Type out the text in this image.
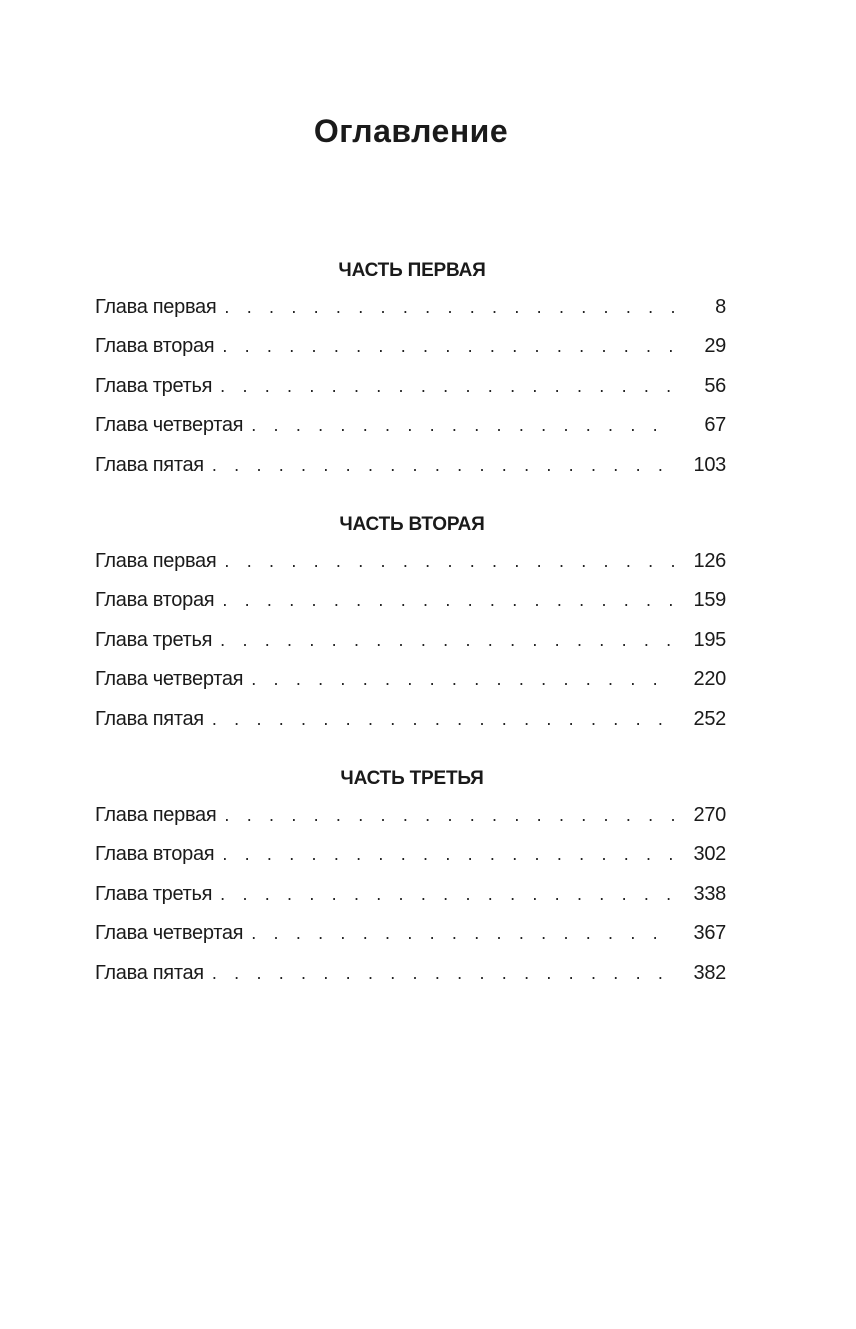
Оглавление
ЧАСТЬ ПЕРВАЯ
Глава первая . . .	8
Глава вторая . . .	29
Глава третья . . .	56
Глава четвертая . . .	67
Глава пятая . . .	103
ЧАСТЬ ВТОРАЯ
Глава первая . . .	126
Глава вторая . . .	159
Глава третья . . .	195
Глава четвертая . . .	220
Глава пятая . . .	252
ЧАСТЬ ТРЕТЬЯ
Глава первая . . .	270
Глава вторая . . .	302
Глава третья . . .	338
Глава четвертая . . .	367
Глава пятая . . .	382
